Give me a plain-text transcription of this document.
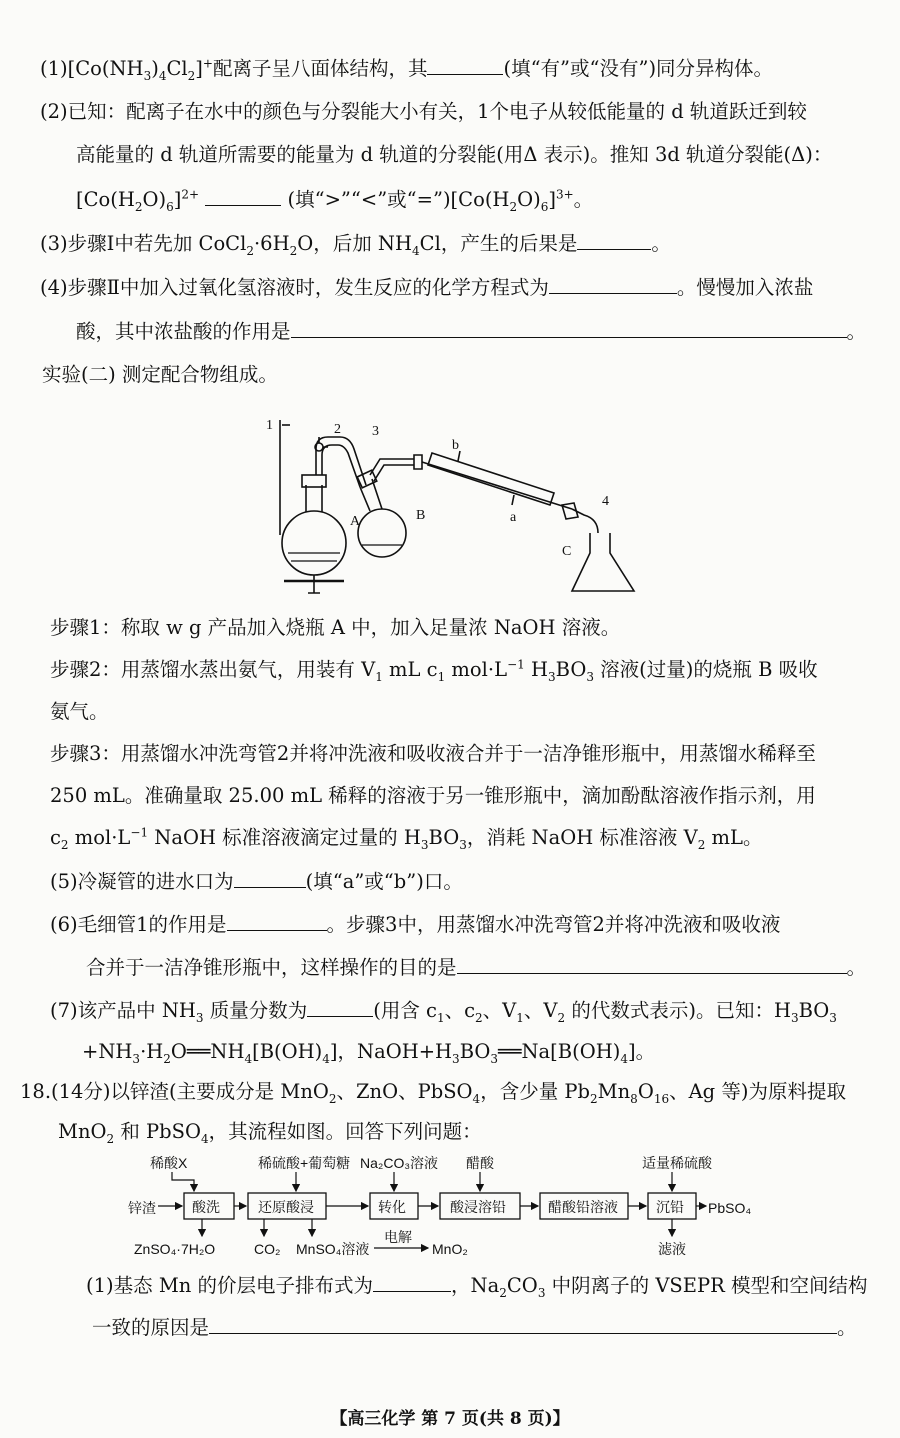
$(1)[Co(NH_3)_4Cl_2]^+$配离子呈八面体结构，其	(填“有”或“没有”)同分异构体。
(2)已知：配离子在水中的颜色与分裂能大小有关，1个电子从较低能量的 d 轨道跃迁到较
高能量的 d 轨道所需要的能量为 d 轨道的分裂能(用Δ 表示)。推知 3d 轨道分裂能(Δ)：
$[Co(H_2O)_6]^{2+}$	(填“>”“<”或“$=”)[Co(H_2O)_6]^{3+}$。
(3)步骤Ⅰ中若先加 $CoCl_2\cdot 6H_2O$，后加 $NH_4Cl$，产生的后果是	。
(4)步骤Ⅱ中加入过氧化氢溶液时，发生反应的化学方程式为	。慢慢加入浓盐
酸，其中浓盐酸的作用是	。
实验(二) 测定配合物组成。
1	2 3
b
a
4
A	B
C
步骤1：称取 w g 产品加入烧瓶 A 中，加入足量浓 NaOH 溶液。
步骤2：用蒸馏水蒸出氨气，用装有 $V_1$ mL $c_1$ $mol\cdot L^{-1}$ $H_3BO_3$ 溶液(过量)的烧瓶 B 吸收
氨气。
步骤3：用蒸馏水冲洗弯管2并将冲洗液和吸收液合并于一洁净锥形瓶中，用蒸馏水稀释至
250 mL。准确量取 25.00 mL 稀释的溶液于另一锥形瓶中，滴加酚酞溶液作指示剂，用
$c_2$ $mol\cdot L^{-1}$ NaOH 标准溶液滴定过量的 $H_3BO_3$，消耗 NaOH 标准溶液 $V_2$ mL。
(5)冷凝管的进水口为	(填“a”或“b”)口。
(6)毛细管1的作用是	。步骤3中，用蒸馏水冲洗弯管2并将冲洗液和吸收液
合并于一洁净锥形瓶中，这样操作的目的是	。
(7)该产品中 $NH_3$ 质量分数为	(用含 $c_1$、$c_2$、$V_1$、$V_2$ 的代数式表示)。已知：$H_3BO_3$
$+NH_3\cdot H_2O══NH_4[B(OH)_4]$，$NaOH+H_3BO_3══Na[B(OH)_4]$。
18.(14分)以锌渣(主要成分是 MnO$_2$、ZnO、PbSO$_4$，含少量 $Pb_2Mn_8O_{16}$、Ag 等)为原料提取
MnO$_2$ 和 PbSO$_4$，其流程如图。回答下列问题：
稀酸X	稀硫酸+葡萄糖 Na₂CO₃溶液 醋酸	适量稀硫酸
锌渣	PbSO₄
酸洗	还原酸浸	转化	酸浸溶铅	醋酸铅溶液	沉铅
ZnSO₄·7H₂O	CO₂ MnSO₄溶液
电解
MnO₂	滤液
(1)基态 Mn 的价层电子排布式为	，$Na_2CO_3$ 中阴离子的 VSEPR 模型和空间结构
一致的原因是	。
【高三化学 第 7 页(共 8 页)】
